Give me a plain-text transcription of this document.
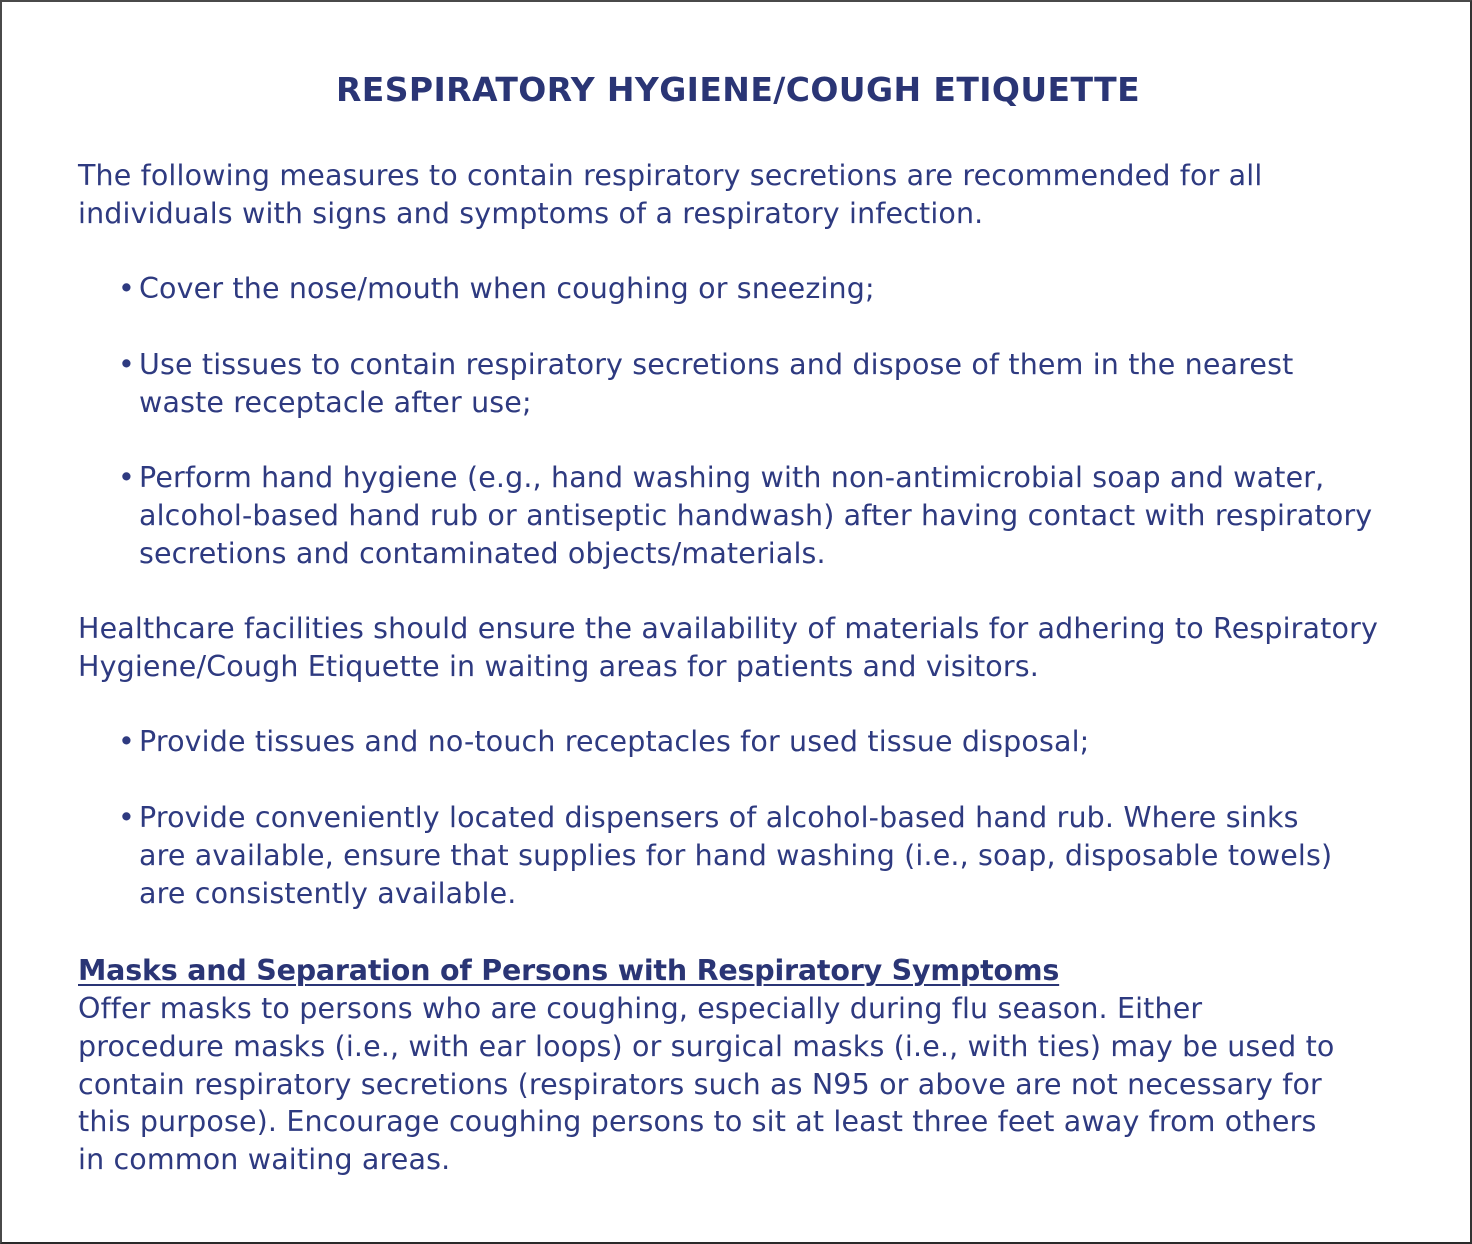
RESPIRATORY HYGIENE/COUGH ETIQUETTE
The following measures to contain respiratory secretions are recommended for all
individuals with signs and symptoms of a respiratory infection.
• Cover the nose/mouth when coughing or sneezing;
• Use tissues to contain respiratory secretions and dispose of them in the nearest
waste receptacle after use;
• Perform hand hygiene (e.g., hand washing with non-antimicrobial soap and water,
alcohol-based hand rub or antiseptic handwash) after having contact with respiratory
secretions and contaminated objects/materials.
Healthcare facilities should ensure the availability of materials for adhering to Respiratory
Hygiene/Cough Etiquette in waiting areas for patients and visitors.
• Provide tissues and no-touch receptacles for used tissue disposal;
• Provide conveniently located dispensers of alcohol-based hand rub. Where sinks
are available, ensure that supplies for hand washing (i.e., soap, disposable towels)
are consistently available.
Masks and Separation of Persons with Respiratory Symptoms
Offer masks to persons who are coughing, especially during flu season. Either
procedure masks (i.e., with ear loops) or surgical masks (i.e., with ties) may be used to
contain respiratory secretions (respirators such as N95 or above are not necessary for
this purpose). Encourage coughing persons to sit at least three feet away from others
in common waiting areas.
